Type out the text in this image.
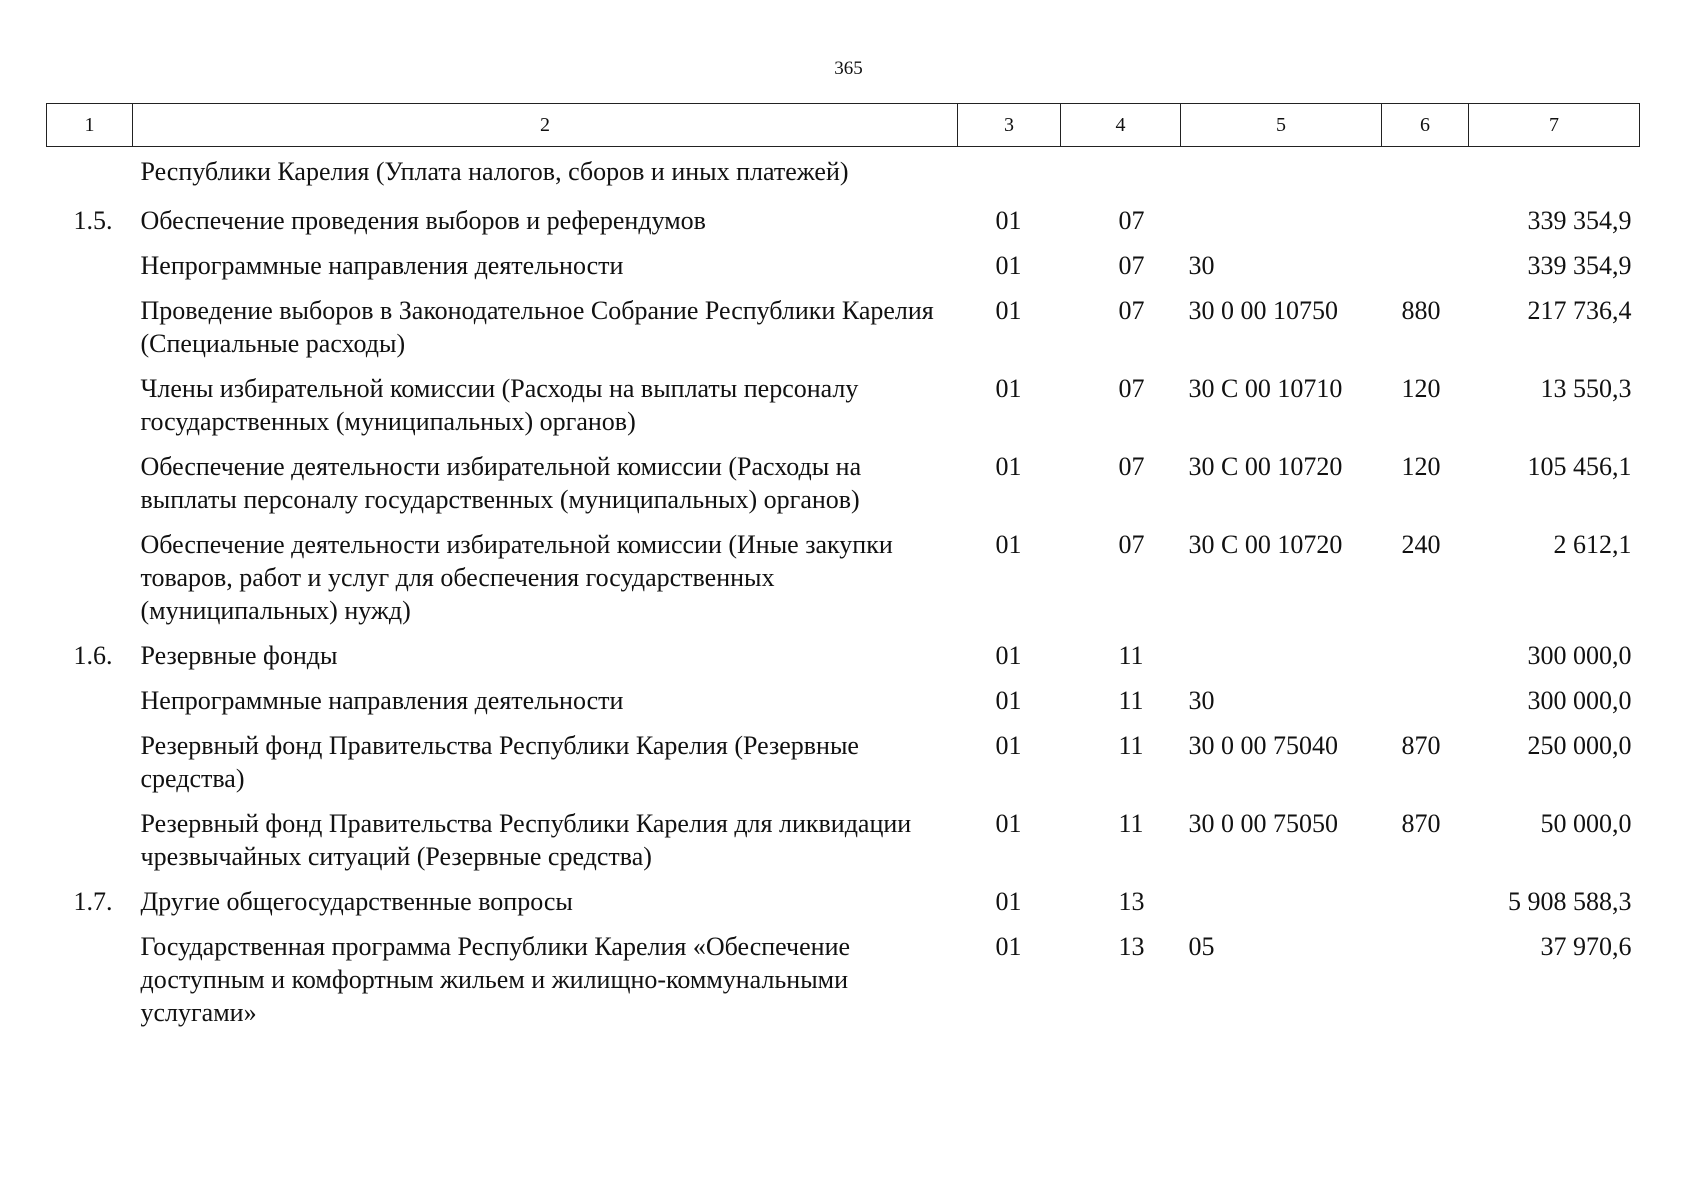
365
1	2	3	4	5	6	7
	Республики Карелия (Уплата налогов, сборов и иных платежей)					
1.5.	Обеспечение проведения выборов и референдумов	01	07			339 354,9
	Непрограммные направления деятельности	01	07	30		339 354,9
	Проведение выборов в Законодательное Собрание Республики Карелия (Специальные расходы)	01	07	30 0 00 10750	880	217 736,4
	Члены избирательной комиссии (Расходы на выплаты персоналу государственных (муниципальных) органов)	01	07	30 С 00 10710	120	13 550,3
	Обеспечение деятельности избирательной комиссии (Расходы на выплаты персоналу государственных (муниципальных) органов)	01	07	30 С 00 10720	120	105 456,1
	Обеспечение деятельности избирательной комиссии (Иные закупки товаров, работ и услуг для обеспечения государственных (муниципальных) нужд)	01	07	30 С 00 10720	240	2 612,1
1.6.	Резервные фонды	01	11			300 000,0
	Непрограммные направления деятельности	01	11	30		300 000,0
	Резервный фонд Правительства Республики Карелия (Резервные средства)	01	11	30 0 00 75040	870	250 000,0
	Резервный фонд Правительства Республики Карелия для ликвидации чрезвычайных ситуаций (Резервные средства)	01	11	30 0 00 75050	870	50 000,0
1.7.	Другие общегосударственные вопросы	01	13			5 908 588,3
	Государственная программа Республики Карелия «Обеспечение доступным и комфортным жильем и жилищно-коммунальными услугами»	01	13	05		37 970,6
